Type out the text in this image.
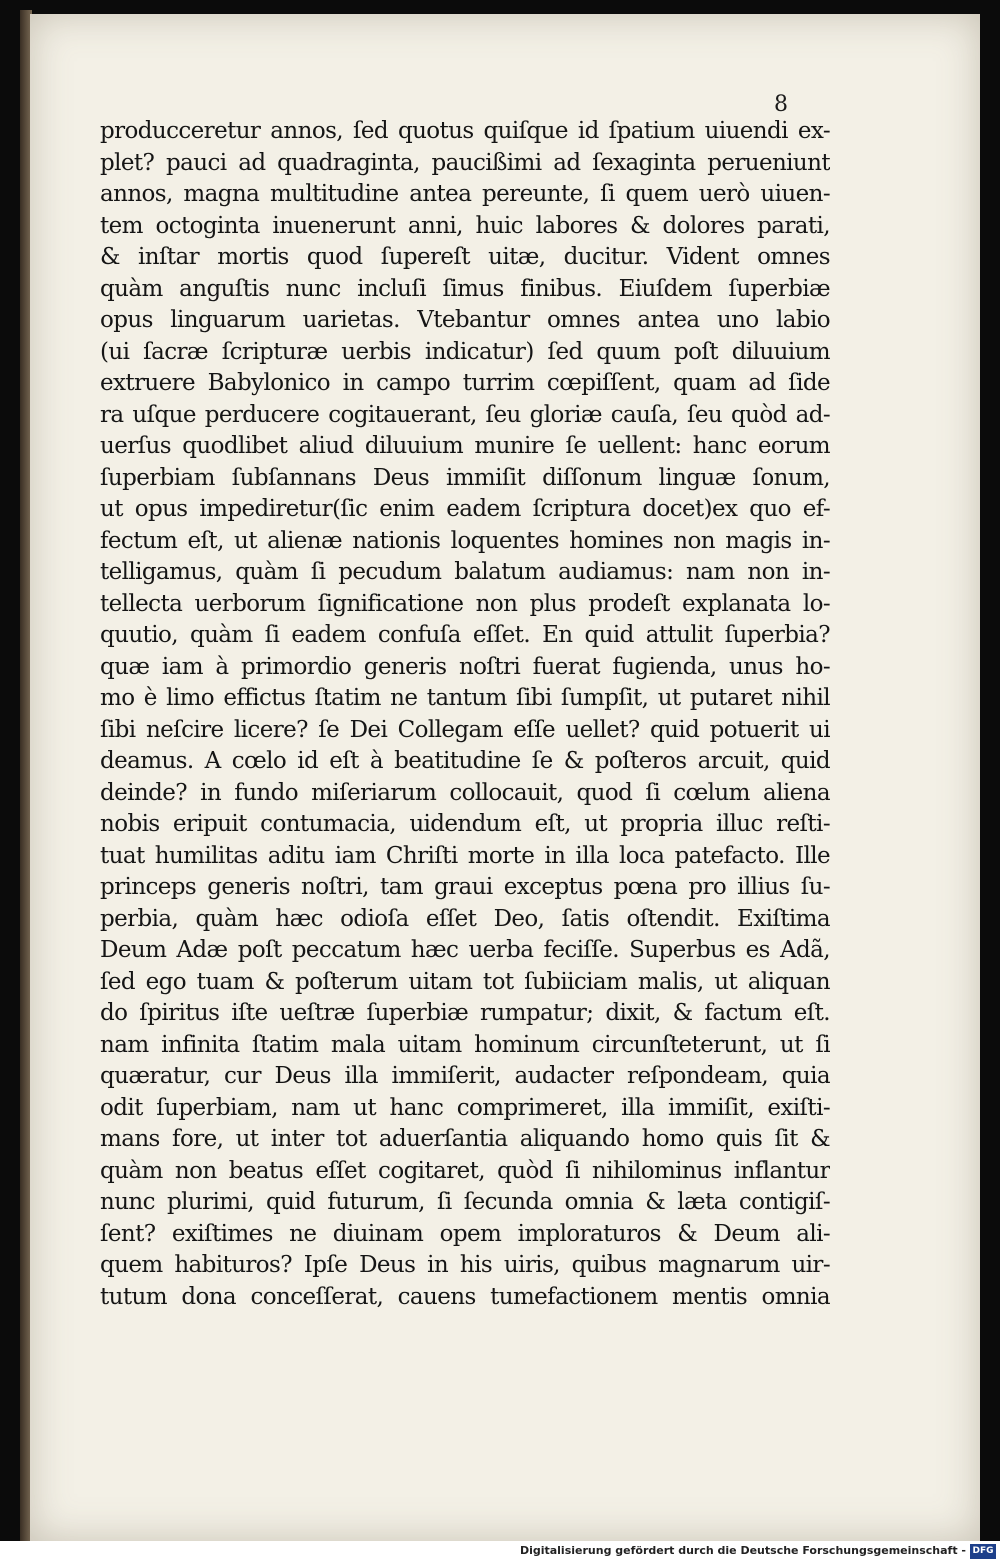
8
producceretur annos, ſed quotus quiſque id ſpatium uiuendi ex-
plet? pauci ad quadraginta, paucißimi ad ſexaginta perueniunt
annos, magna multitudine antea pereunte, ſi quem uerò uiuen-
tem octoginta inuenerunt anni, huic labores & dolores parati,
& inſtar mortis quod ſupereſt uitæ, ducitur. Vident omnes
quàm anguſtis nunc incluſi ſimus finibus. Eiuſdem ſuperbiæ
opus linguarum uarietas. Vtebantur omnes antea uno labio
(ui ſacræ ſcripturæ uerbis indicatur) ſed quum poſt diluuium
extruere Babylonico in campo turrim cœpiſſent, quam ad ſide
ra uſque perducere cogitauerant, ſeu gloriæ cauſa, ſeu quòd ad-
uerſus quodlibet aliud diluuium munire ſe uellent: hanc eorum
ſuperbiam ſubſannans Deus immiſit diſſonum linguæ ſonum,
ut opus impediretur(ſic enim eadem ſcriptura docet)ex quo ef-
fectum eſt, ut alienæ nationis loquentes homines non magis in-
telligamus, quàm ſi pecudum balatum audiamus: nam non in-
tellecta uerborum ſignificatione non plus prodeſt explanata lo-
quutio, quàm ſi eadem confuſa eſſet. En quid attulit ſuperbia?
quæ iam à primordio generis noſtri fuerat fugienda, unus ho-
mo è limo effictus ſtatim ne tantum ſibi ſumpſit, ut putaret nihil
ſibi neſcire licere? ſe Dei Collegam eſſe uellet? quid potuerit ui
deamus. A cœlo id eſt à beatitudine ſe & poſteros arcuit, quid
deinde? in fundo miſeriarum collocauit, quod ſi cœlum aliena
nobis eripuit contumacia, uidendum eſt, ut propria illuc reſti-
tuat humilitas aditu iam Chriſti morte in illa loca patefacto. Ille
princeps generis noſtri, tam graui exceptus pœna pro illius ſu-
perbia, quàm hæc odioſa eſſet Deo, ſatis oſtendit. Exiſtima
Deum Adæ poſt peccatum hæc uerba feciſſe. Superbus es Adã,
ſed ego tuam & poſterum uitam tot ſubiiciam malis, ut aliquan
do ſpiritus iſte ueſtræ ſuperbiæ rumpatur; dixit, & factum eſt.
nam infinita ſtatim mala uitam hominum circunſteterunt, ut ſi
quæratur, cur Deus illa immiſerit, audacter reſpondeam, quia
odit ſuperbiam, nam ut hanc comprimeret, illa immiſit, exiſti-
mans fore, ut inter tot aduerſantia aliquando homo quis ſit &
quàm non beatus eſſet cogitaret, quòd ſi nihilominus inflantur
nunc plurimi, quid futurum, ſi ſecunda omnia & læta contigiſ-
ſent? exiſtimes ne diuinam opem imploraturos & Deum ali-
quem habituros? Ipſe Deus in his uiris, quibus magnarum uir-
tutum dona conceſſerat, cauens tumefactionem mentis omnia
Digitalisierung gefördert durch die Deutsche Forschungsgemeinschaft - DFG
